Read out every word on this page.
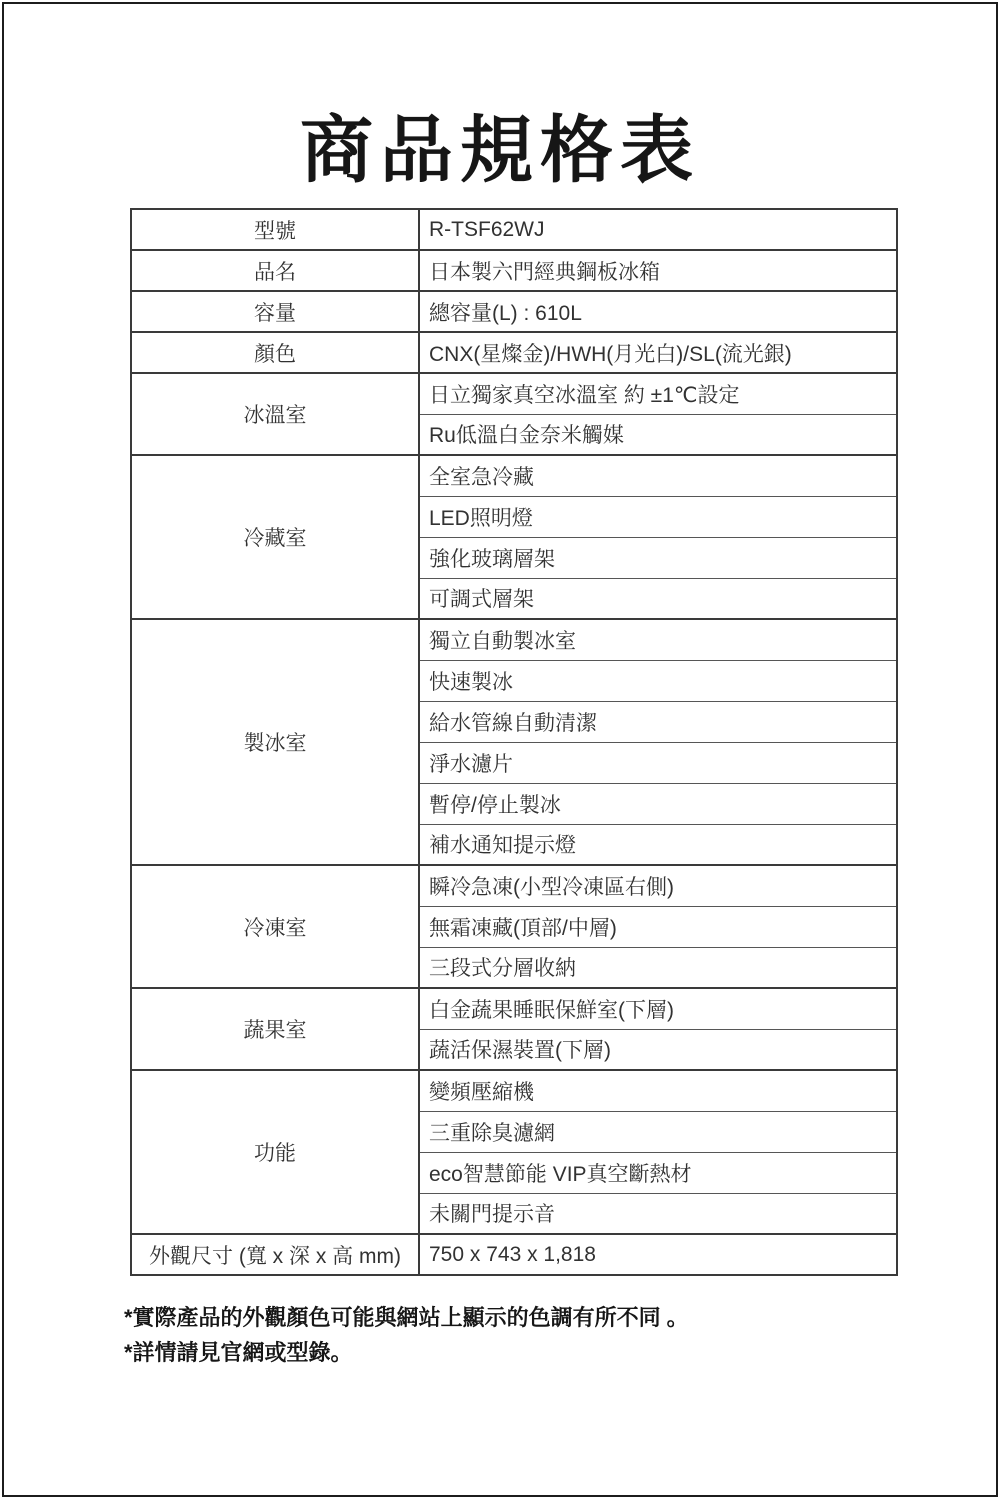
商品規格表
型號	R-TSF62WJ
品名	日本製六門經典鋼板冰箱
容量	總容量(L) : 610L
顏色	CNX(星燦金)/HWH(月光白)/SL(流光銀)
冰溫室	日立獨家真空冰溫室 約 ±1℃設定
	Ru低溫白金奈米觸媒
冷藏室	全室急冷藏
	LED照明燈
	強化玻璃層架
	可調式層架
製冰室	獨立自動製冰室
	快速製冰
	給水管線自動清潔
	淨水濾片
	暫停/停止製冰
	補水通知提示燈
冷凍室	瞬冷急凍(小型冷凍區右側)
	無霜凍藏(頂部/中層)
	三段式分層收納
蔬果室	白金蔬果睡眠保鮮室(下層)
	蔬活保濕裝置(下層)
功能	變頻壓縮機
	三重除臭濾網
	eco智慧節能 VIP真空斷熱材
	未關門提示音
外觀尺寸 (寬 x 深 x 高 mm)	750 x 743 x 1,818

*實際產品的外觀顏色可能與網站上顯示的色調有所不同 。

*詳情請見官網或型錄。
